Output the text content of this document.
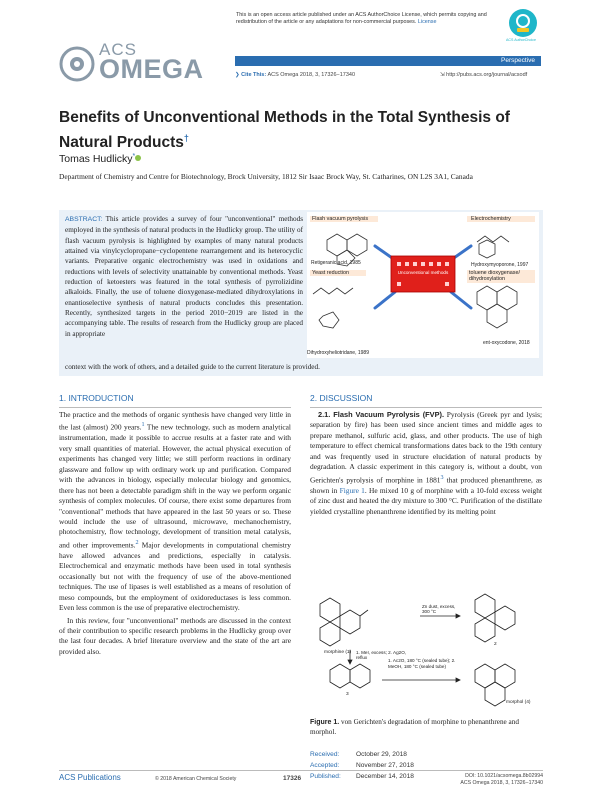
This is an open access article published under an ACS AuthorChoice License, which permits copying and redistribution of the article or any adaptations for non-commercial purposes. License
ACS AuthorChoice
ACS
OMEGA	Perspective
❯ Cite This: ACS Omega 2018, 3, 17326−17340	⇲ http://pubs.acs.org/journal/acsodf
Benefits of Unconventional Methods in the Total Synthesis of Natural Products†
Tomas Hudlicky*
Department of Chemistry and Centre for Biotechnology, Brock University, 1812 Sir Isaac Brock Way, St. Catharines, ON L2S 3A1, Canada
ABSTRACT: This article provides a survey of four "unconventional" methods employed in the synthesis of natural products in the Hudlicky group. The utility of flash vacuum pyrolysis is highlighted by examples of many natural products attained via vinylcyclopropane−cyclopentene rearrangement and its heterocyclic variants. Preparative organic electrochemistry was used in oxidations and reductions with levels of selectivity unattainable by conventional methods. Yeast reduction of ketoesters was featured in the total synthesis of pyrrolizidine alkaloids. Finally, the use of toluene dioxygenase-mediated dihydroxylations in enantioselective synthesis of natural products concludes this presentation. Recently, synthesized targets in the period 2010−2019 are listed in the accompanying table. The results of research from the Hudlicky group are placed in appropriate
context with the work of others, and a detailed guide to the current literature is provided.
Flash vacuum pyrolysis	Electrochemistry
Yeast reduction	toluene dioxygenase/ dihydroxylation
Unconventional methods
Retigeranic acid, 1985	Hydroxymyoporone, 1997
Dihydroxyheliotridane, 1989
ent-oxycodone, 2018
1. INTRODUCTION	2. DISCUSSION

The practice and the methods of organic synthesis have changed very little in the last (almost) 200 years.$^1$ The new technology, such as modern analytical instrumentation, made it possible to accrue results at a faster rate and with very small quantities of material. However, the actual physical execution of experiments has changed very little; we still perform reactions in ordinary glassware and follow up with ordinary work up and purification. Compared with the advances in biology, especially molecular biology and genomics, there has not been a detectable paradigm shift in the way we perform organic synthesis of complex molecules. Of course, there exist some departures from "conventional" methods that have appeared in the last 50 years or so. These would include the use of ultrasound, microwave, mechanochemistry, photochemistry, flow technology, development of transition metal catalysis, and other improvements.$^2$ Major developments in computational chemistry have allowed advances and predictions, especially in catalysis. Electrochemical and enzymatic methods have been used in total synthesis occasionally but not with the frequency of use of the above-mentioned techniques. The use of lipases is well established as a means of resolution of meso compounds, but the employment of oxidoreductases is less common. Even less common is the use of preparative electrochemistry.

In this review, four "unconventional" methods are discussed in the context of their contribution to specific research problems in the Hudlicky group over the last four decades. A brief literature overview and the state of the art are provided also.

2.1. Flash Vacuum Pyrolysis (FVP). Pyrolysis (Greek pyr and lysis; separation by fire) has been used since ancient times and middle ages to prepare methanol, sulfuric acid, glass, and other products. The use of high temperature to effect chemical transformations dates back to the 19th century and was frequently used in structure elucidation of natural products by degradation. A classic experiment in this category is, without a doubt, von Gerichten's pyrolysis of morphine in 1881$^3$ that produced phenanthrene, as shown in Figure 1. He mixed 10 g of morphine with a 10-fold excess weight of zinc dust and heated the dry mixture to 300 °C. Purification of the distillate yielded crystalline phenanthrene identified by its melting point

Zn dust, excess, 300 °C
1. MeI, excess; 2. Ag2O, reflux
1. Ac2O, 180 °C (sealed tube); 2. MeOH, 180 °C (sealed tube)
morphine (1)
2
3
morphol (4)
Figure 1. von Gerichten's degradation of morphine to phenanthrene and morphol.
Received:	October 29, 2018
Accepted:	November 27, 2018
Published: December 14, 2018
ACS Publications	© 2018 American Chemical Society	17326	DOI: 10.1021/acsomega.8b02994
ACS Omega 2018, 3, 17326−17340
